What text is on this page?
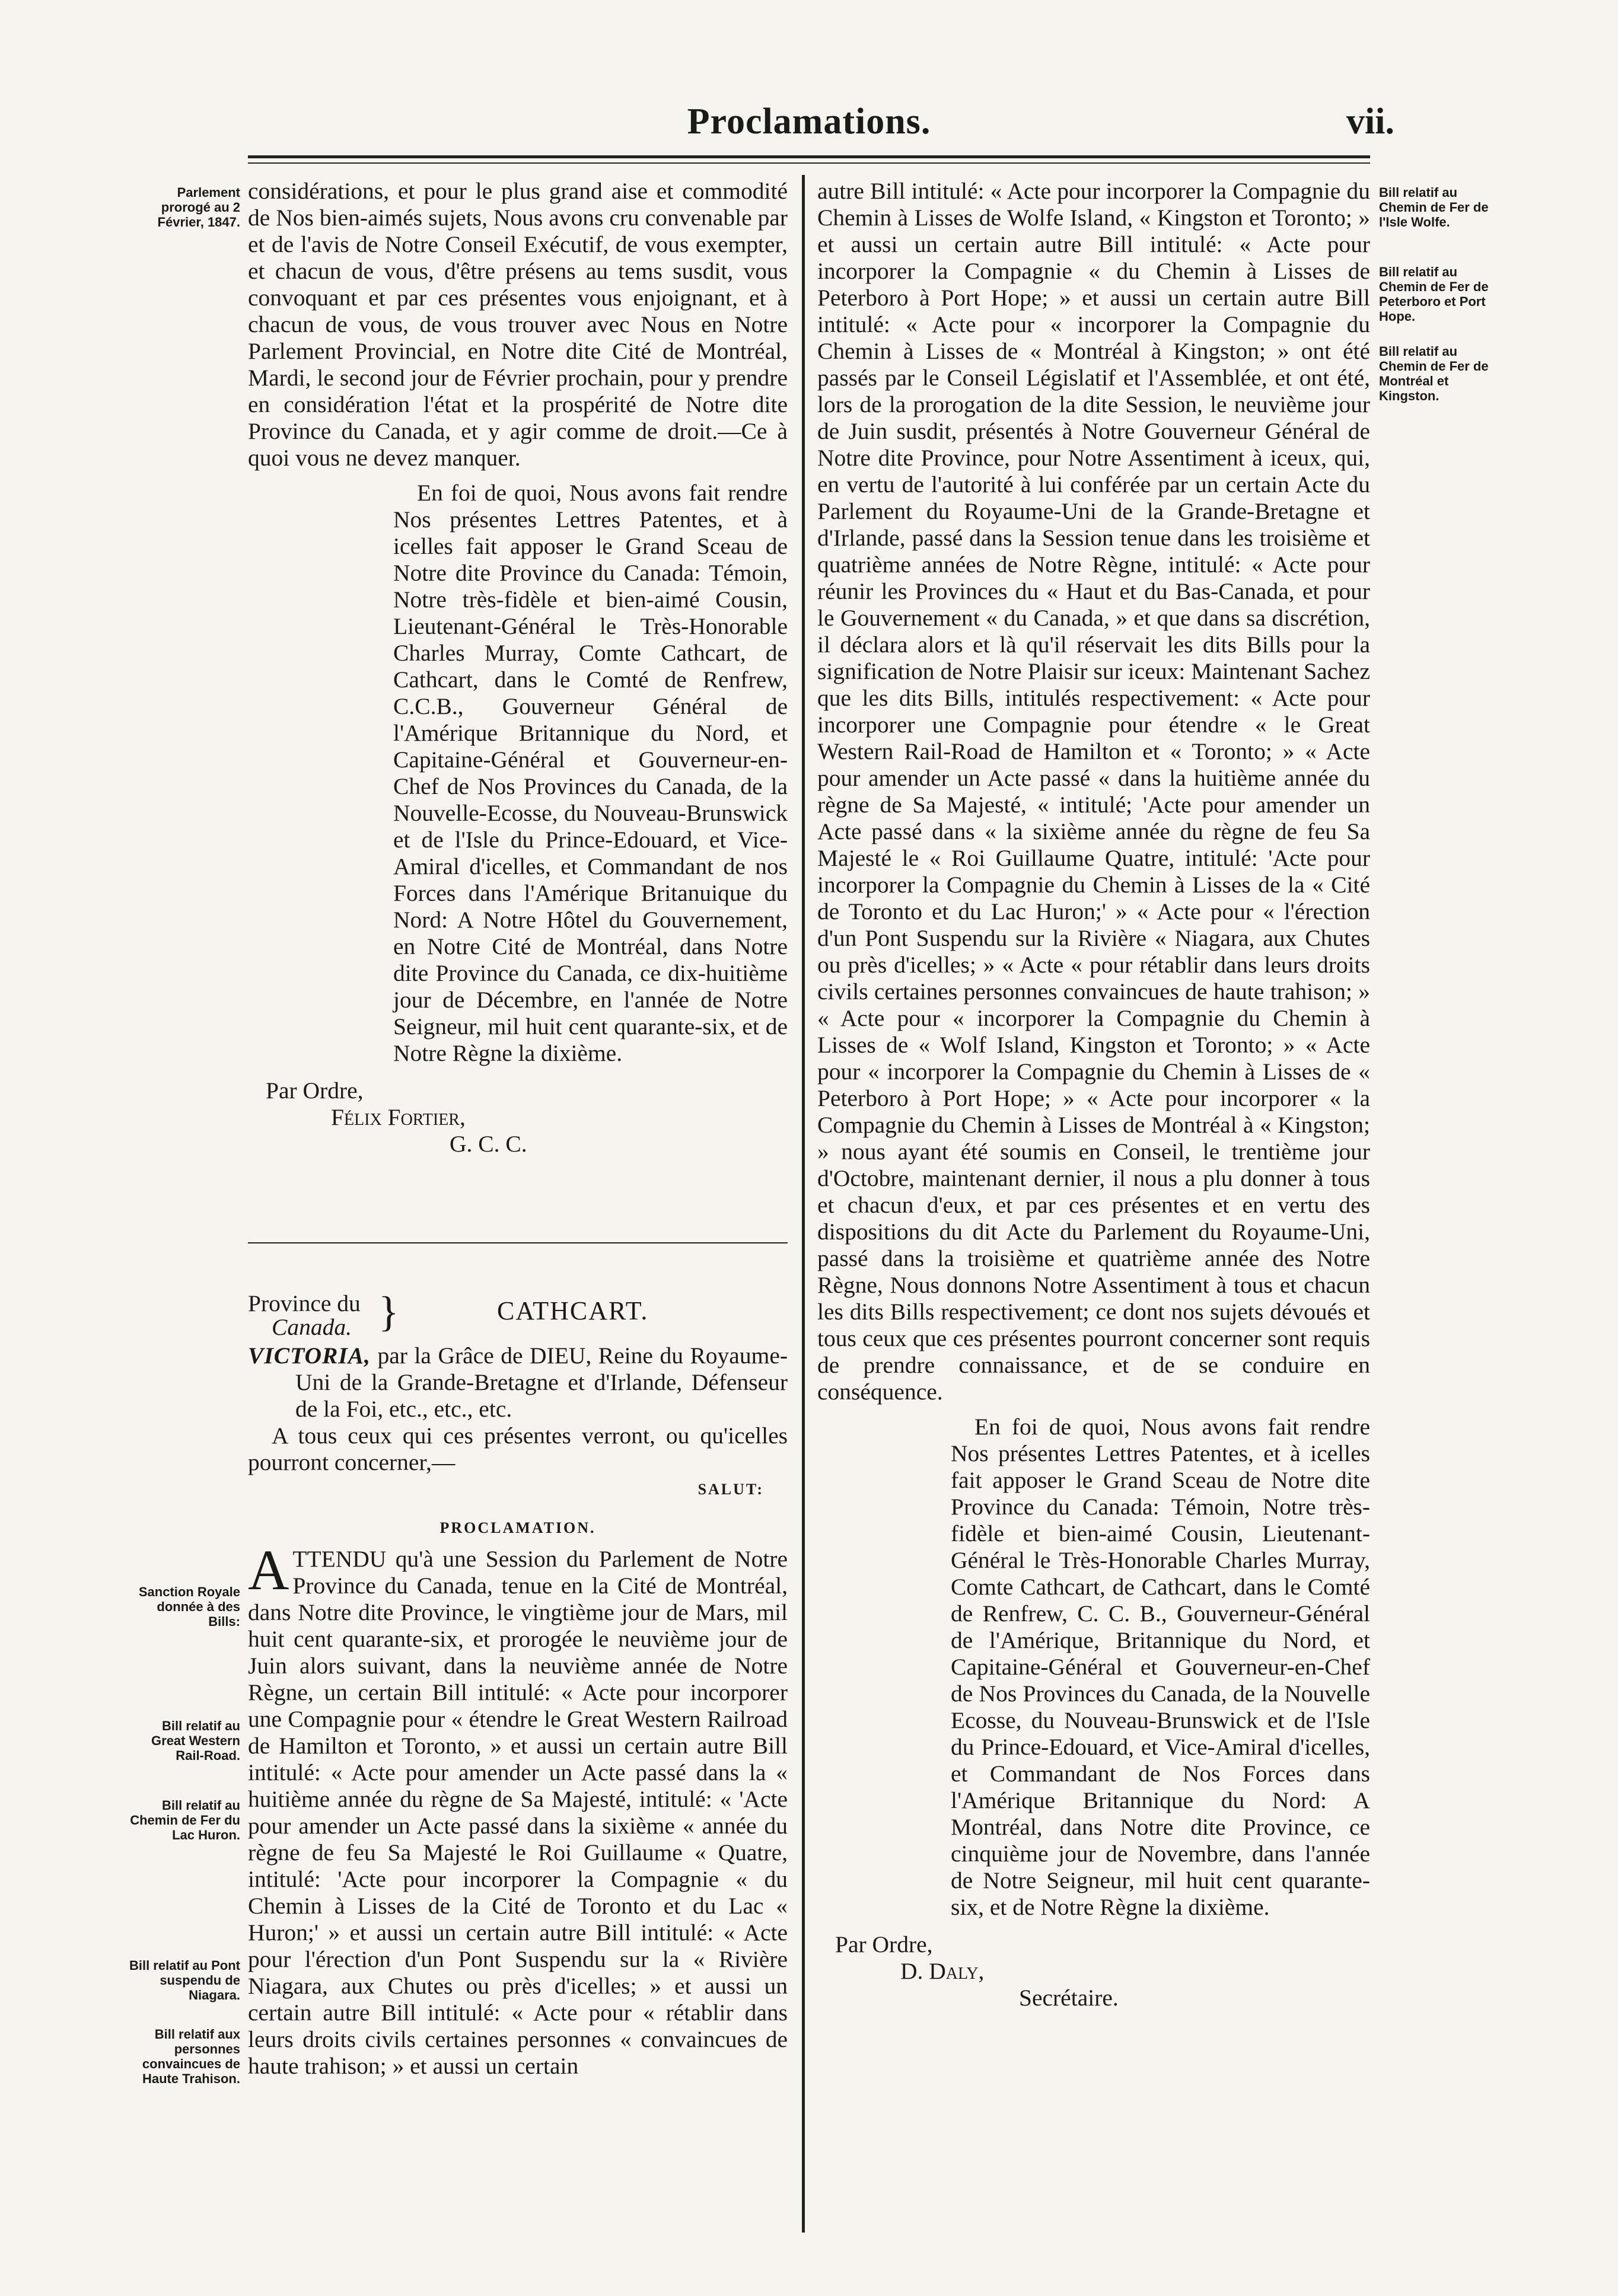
Proclamations.	vii.
Parlement prorogé au 2 Février, 1847.
Sanction Royale donnée à des Bills:
Bill relatif au Great Western Rail-Road.
Bill relatif au Chemin de Fer du Lac Huron.
Bill relatif au Pont suspendu de Niagara.
Bill relatif aux personnes convaincues de Haute Trahison.
Bill relatif au Chemin de Fer de l'Isle Wolfe.
Bill relatif au Chemin de Fer de Peterboro et Port Hope.
Bill relatif au Chemin de Fer de Montréal et Kingston.

considérations, et pour le plus grand aise et commodité de Nos bien-aimés sujets, Nous avons cru convenable par et de l'avis de Notre Conseil Exécutif, de vous exempter, et chacun de vous, d'être présens au tems susdit, vous convoquant et par ces présentes vous enjoignant, et à chacun de vous, de vous trouver avec Nous en Notre Parlement Provincial, en Notre dite Cité de Montréal, Mardi, le second jour de Février prochain, pour y prendre en considération l'état et la prospérité de Notre dite Province du Canada, et y agir comme de droit.—Ce à quoi vous ne devez manquer.

En foi de quoi, Nous avons fait rendre Nos présentes Lettres Patentes, et à icelles fait apposer le Grand Sceau de Notre dite Province du Canada: Témoin, Notre très-fidèle et bien-aimé Cousin, Lieutenant-Général le Très-Honorable Charles Murray, Comte Cathcart, de Cathcart, dans le Comté de Renfrew, C.C.B., Gouverneur Général de l'Amérique Britannique du Nord, et Capitaine-Général et Gouverneur-en-Chef de Nos Provinces du Canada, de la Nouvelle-Ecosse, du Nouveau-Brunswick et de l'Isle du Prince-Edouard, et Vice-Amiral d'icelles, et Commandant de nos Forces dans l'Amérique Britanuique du Nord: A Notre Hôtel du Gouvernement, en Notre Cité de Montréal, dans Notre dite Province du Canada, ce dix-huitième jour de Décembre, en l'année de Notre Seigneur, mil huit cent quarante-six, et de Notre Règne la dixième.

Par Ordre,

Félix Fortier,

G. C. C.

Province du
Canada. }	CATHCART.

VICTORIA, par la Grâce de DIEU, Reine du Royaume-Uni de la Grande-Bretagne et d'Irlande, Défenseur de la Foi, etc., etc., etc.

A tous ceux qui ces présentes verront, ou qu'icelles pourront concerner,—

SALUT:

PROCLAMATION.

ATTENDU qu'à une Session du Parlement de Notre Province du Canada, tenue en la Cité de Montréal, dans Notre dite Province, le vingtième jour de Mars, mil huit cent quarante-six, et prorogée le neuvième jour de Juin alors suivant, dans la neuvième année de Notre Règne, un certain Bill intitulé: « Acte pour incorporer une Compagnie pour « étendre le Great Western Railroad de Hamilton et Toronto, » et aussi un certain autre Bill intitulé: « Acte pour amender un Acte passé dans la « huitième année du règne de Sa Majesté, intitulé: « 'Acte pour amender un Acte passé dans la sixième « année du règne de feu Sa Majesté le Roi Guillaume « Quatre, intitulé: 'Acte pour incorporer la Compagnie « du Chemin à Lisses de la Cité de Toronto et du Lac « Huron;' » et aussi un certain autre Bill intitulé: « Acte pour l'érection d'un Pont Suspendu sur la « Rivière Niagara, aux Chutes ou près d'icelles; » et aussi un certain autre Bill intitulé: « Acte pour « rétablir dans leurs droits civils certaines personnes « convaincues de haute trahison; » et aussi un certain

autre Bill intitulé: « Acte pour incorporer la Compagnie du Chemin à Lisses de Wolfe Island, « Kingston et Toronto; » et aussi un certain autre Bill intitulé: « Acte pour incorporer la Compagnie « du Chemin à Lisses de Peterboro à Port Hope; » et aussi un certain autre Bill intitulé: « Acte pour « incorporer la Compagnie du Chemin à Lisses de « Montréal à Kingston; » ont été passés par le Conseil Législatif et l'Assemblée, et ont été, lors de la prorogation de la dite Session, le neuvième jour de Juin susdit, présentés à Notre Gouverneur Général de Notre dite Province, pour Notre Assentiment à iceux, qui, en vertu de l'autorité à lui conférée par un certain Acte du Parlement du Royaume-Uni de la Grande-Bretagne et d'Irlande, passé dans la Session tenue dans les troisième et quatrième années de Notre Règne, intitulé: « Acte pour réunir les Provinces du « Haut et du Bas-Canada, et pour le Gouvernement « du Canada, » et que dans sa discrétion, il déclara alors et là qu'il réservait les dits Bills pour la signification de Notre Plaisir sur iceux: Maintenant Sachez que les dits Bills, intitulés respectivement: « Acte pour incorporer une Compagnie pour étendre « le Great Western Rail-Road de Hamilton et « Toronto; » « Acte pour amender un Acte passé « dans la huitième année du règne de Sa Majesté, « intitulé; 'Acte pour amender un Acte passé dans « la sixième année du règne de feu Sa Majesté le « Roi Guillaume Quatre, intitulé: 'Acte pour incorporer la Compagnie du Chemin à Lisses de la « Cité de Toronto et du Lac Huron;' » « Acte pour « l'érection d'un Pont Suspendu sur la Rivière « Niagara, aux Chutes ou près d'icelles; » « Acte « pour rétablir dans leurs droits civils certaines personnes convaincues de haute trahison; » « Acte pour « incorporer la Compagnie du Chemin à Lisses de « Wolf Island, Kingston et Toronto; » « Acte pour « incorporer la Compagnie du Chemin à Lisses de « Peterboro à Port Hope; » « Acte pour incorporer « la Compagnie du Chemin à Lisses de Montréal à « Kingston; » nous ayant été soumis en Conseil, le trentième jour d'Octobre, maintenant dernier, il nous a plu donner à tous et chacun d'eux, et par ces présentes et en vertu des dispositions du dit Acte du Parlement du Royaume-Uni, passé dans la troisième et quatrième année des Notre Règne, Nous donnons Notre Assentiment à tous et chacun les dits Bills respectivement; ce dont nos sujets dévoués et tous ceux que ces présentes pourront concerner sont requis de prendre connaissance, et de se conduire en conséquence.

En foi de quoi, Nous avons fait rendre Nos présentes Lettres Patentes, et à icelles fait apposer le Grand Sceau de Notre dite Province du Canada: Témoin, Notre très-fidèle et bien-aimé Cousin, Lieutenant-Général le Très-Honorable Charles Murray, Comte Cathcart, de Cathcart, dans le Comté de Renfrew, C. C. B., Gouverneur-Général de l'Amérique, Britannique du Nord, et Capitaine-Général et Gouverneur-en-Chef de Nos Provinces du Canada, de la Nouvelle Ecosse, du Nouveau-Brunswick et de l'Isle du Prince-Edouard, et Vice-Amiral d'icelles, et Commandant de Nos Forces dans l'Amérique Britannique du Nord: A Montréal, dans Notre dite Province, ce cinquième jour de Novembre, dans l'année de Notre Seigneur, mil huit cent quarante-six, et de Notre Règne la dixième.

Par Ordre,

D. Daly,

Secrétaire.
